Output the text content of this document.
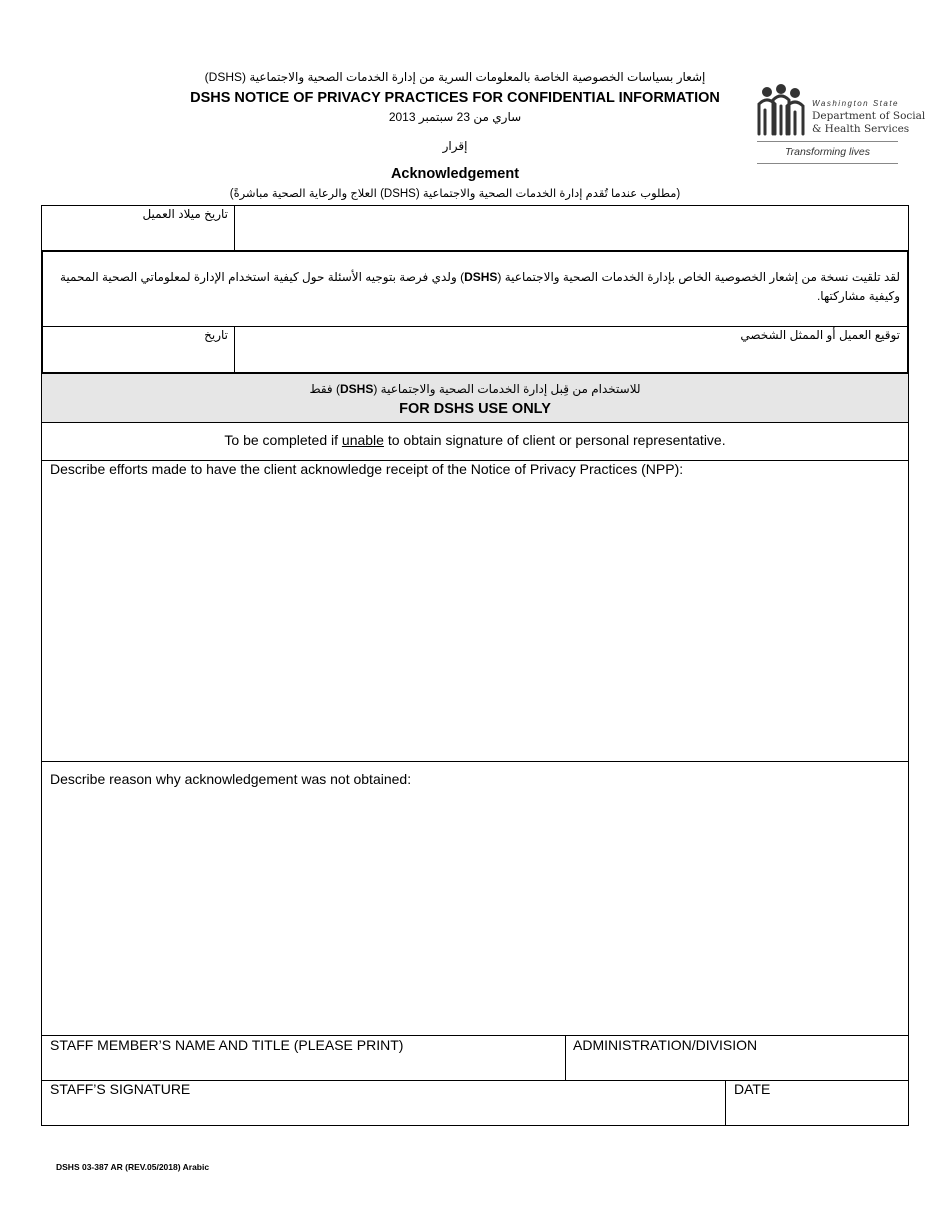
إشعار بسياسات الخصوصية الخاصة بالمعلومات السرية من إدارة الخدمات الصحية والاجتماعية (DSHS)
DSHS NOTICE OF PRIVACY PRACTICES FOR CONFIDENTIAL INFORMATION
ساري من 23 سبتمبر 2013
إقرار
Acknowledgement
(مطلوب عندما تُقدم إدارة الخدمات الصحية والاجتماعية (DSHS) العلاج والرعاية الصحية مباشرةً)
Washington State
Department of Social
& Health Services
Transforming lives
تاريخ ميلاد العميل
لقد تلقيت نسخة من إشعار الخصوصية الخاص بإدارة الخدمات الصحية والاجتماعية (DSHS) ولدي فرصة بتوجيه الأسئلة حول كيفية استخدام الإدارة لمعلوماتي الصحية المحمية وكيفية مشاركتها.
تاريخ	توقيع العميل أو الممثل الشخصي
للاستخدام من قِبل إدارة الخدمات الصحية والاجتماعية (DSHS) فقط
FOR DSHS USE ONLY
To be completed if unable to obtain signature of client or personal representative.
Describe efforts made to have the client acknowledge receipt of the Notice of Privacy Practices (NPP):
Describe reason why acknowledgement was not obtained:
STAFF MEMBER’S NAME AND TITLE (PLEASE PRINT)	ADMINISTRATION/DIVISION
STAFF’S SIGNATURE	DATE
DSHS 03-387 AR (REV.05/2018) Arabic
